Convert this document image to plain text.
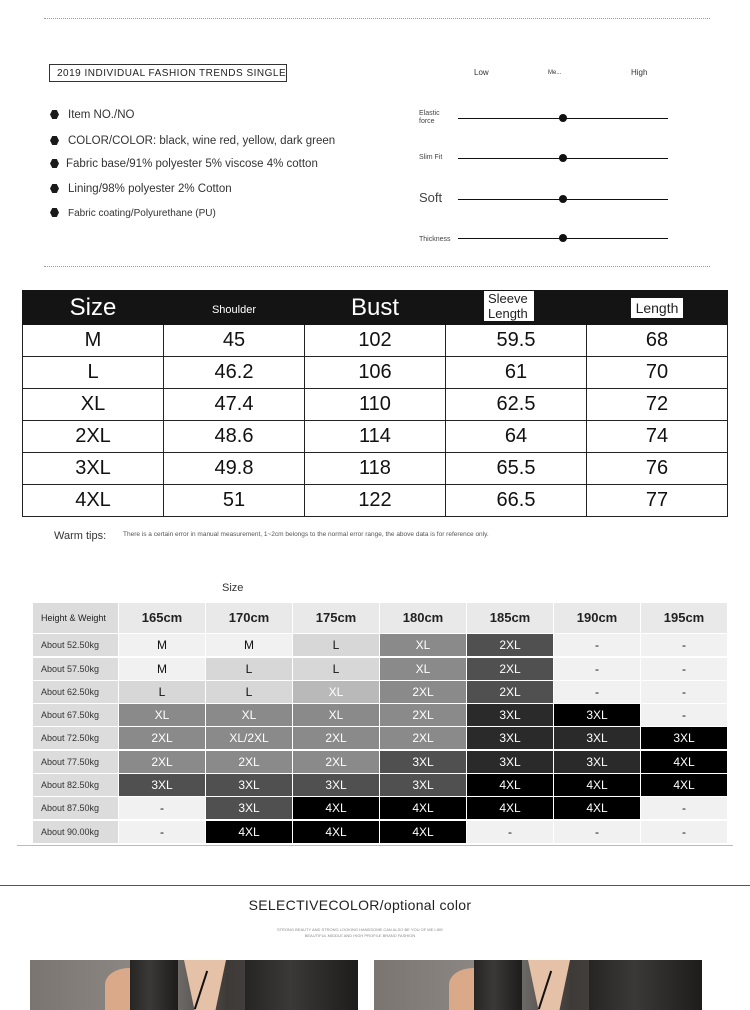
2019 INDIVIDUAL FASHION TRENDS SINGLE
Item NO./NO
COLOR/COLOR: black, wine red, yellow, dark green
Fabric base/91% polyester 5% viscose 4% cotton
Lining/98% polyester 2% Cotton
Fabric coating/Polyurethane (PU)
Low	Me...	High
Elastic force
Slim Fit
Soft
Thickness
Size	Shoulder	Bust	Sleeve Length	Length
M	45	102	59.5	68
L	46.2	106	61	70
XL	47.4	110	62.5	72
2XL	48.6	114	64	74
3XL	49.8	118	65.5	76
4XL	51	122	66.5	77
Warm tips:	There is a certain error in manual measurement, 1~2cm belongs to the normal error range, the above data is for reference only.
Size
Height & Weight	165cm	170cm	175cm	180cm	185cm	190cm	195cm
About 52.50kg	M	M	L	XL	2XL	-	-
About 57.50kg	M	L	L	XL	2XL	-	-
About 62.50kg	L	L	XL	2XL	2XL	-	-
About 67.50kg	XL	XL	XL	2XL	3XL	3XL	-
About 72.50kg	2XL	XL/2XL	2XL	2XL	3XL	3XL	3XL
About 77.50kg	2XL	2XL	2XL	3XL	3XL	3XL	4XL
About 82.50kg	3XL	3XL	3XL	3XL	4XL	4XL	4XL
About 87.50kg	-	3XL	4XL	4XL	4XL	4XL	-
About 90.00kg	-	4XL	4XL	4XL	-	-	-
SELECTIVECOLOR/optional color
STRONG BEAUTY AND STRONG LOOKING HANDSOME CAN ALSO BE YOU OF ME LIKE
BEAUTIFUL MIDDLE AND HIGH PROFILE BRAND FASHION
